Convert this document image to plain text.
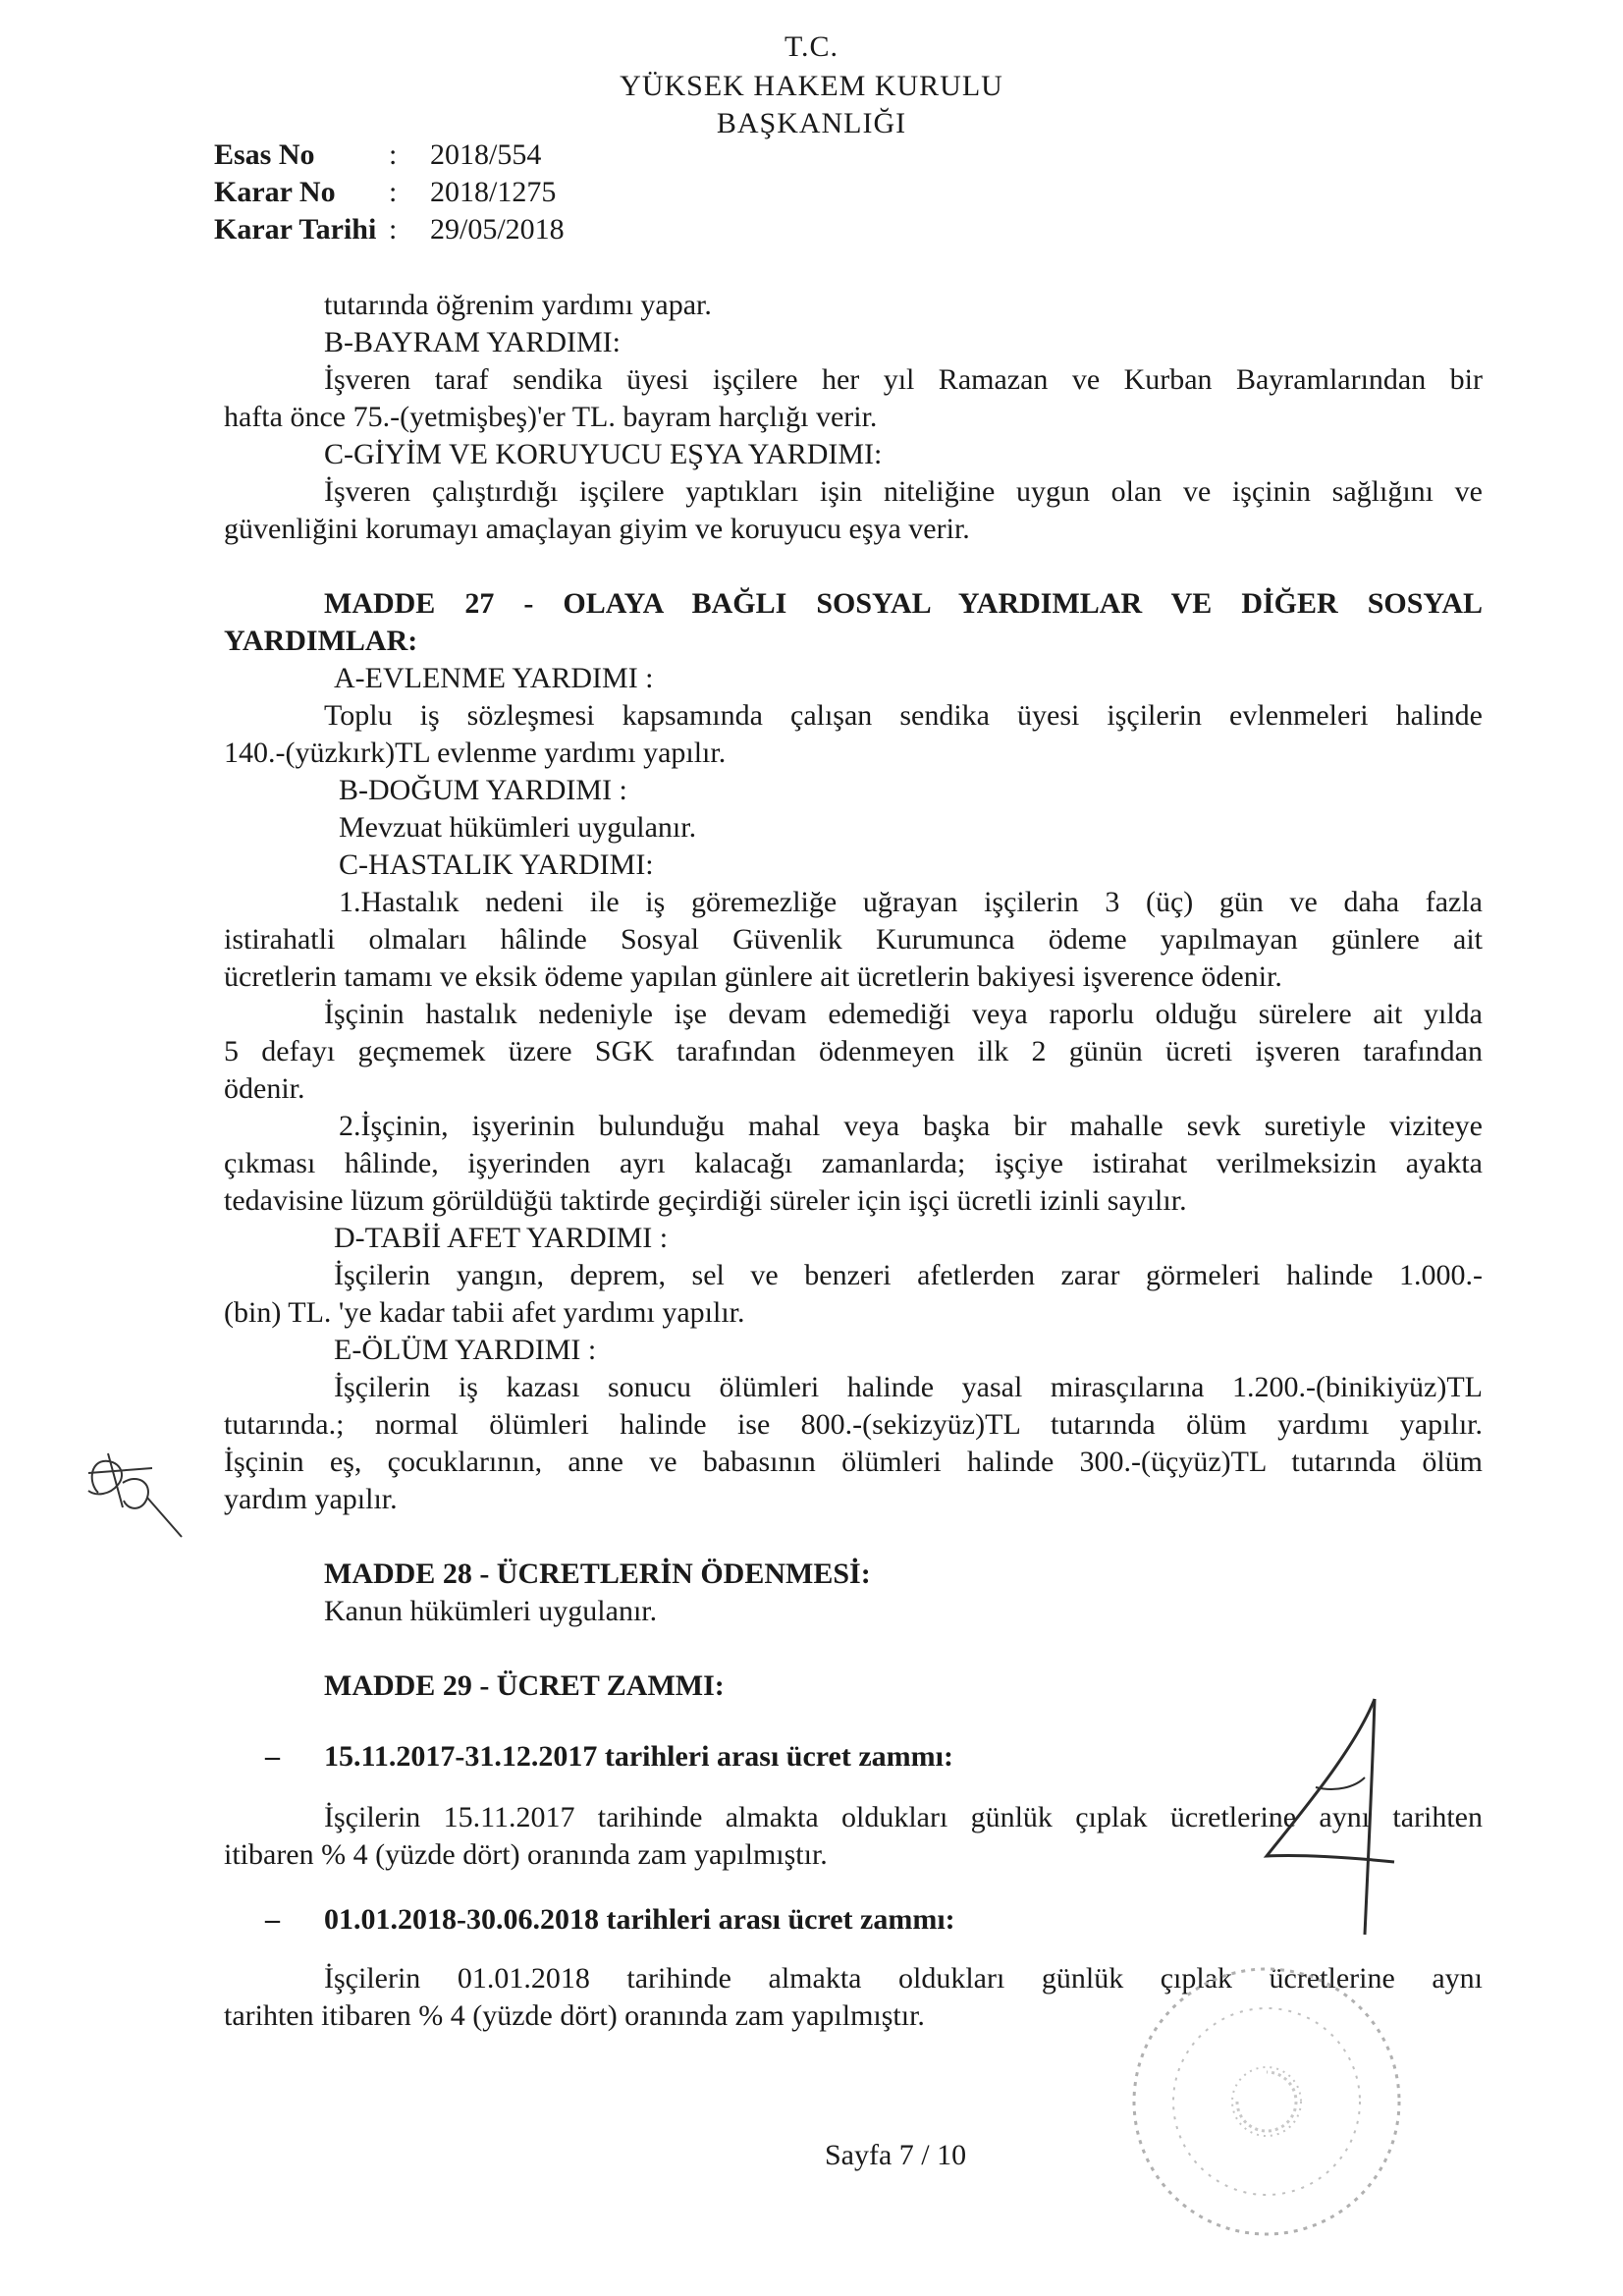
T.C.
YÜKSEK HAKEM KURULU
BAŞKANLIĞI
Esas No	: 2018/554
Karar No : 2018/1275
Karar Tarihi : 29/05/2018
tutarında öğrenim yardımı yapar.
B-BAYRAM YARDIMI:
İşveren taraf sendika üyesi işçilere her yıl Ramazan ve Kurban Bayramlarından bir
hafta önce 75.-(yetmişbeş)'er TL. bayram harçlığı verir.
C-GİYİM VE KORUYUCU EŞYA YARDIMI:
İşveren çalıştırdığı işçilere yaptıkları işin niteliğine uygun olan ve işçinin sağlığını ve
güvenliğini korumayı amaçlayan giyim ve koruyucu eşya verir.
MADDE 27 - OLAYA BAĞLI SOSYAL YARDIMLAR VE DİĞER SOSYAL
YARDIMLAR:
A-EVLENME YARDIMI :
Toplu iş sözleşmesi kapsamında çalışan sendika üyesi işçilerin evlenmeleri halinde
140.-(yüzkırk)TL evlenme yardımı yapılır.
B-DOĞUM YARDIMI :
Mevzuat hükümleri uygulanır.
C-HASTALIK YARDIMI:
1.Hastalık nedeni ile iş göremezliğe uğrayan işçilerin 3 (üç) gün ve daha fazla
istirahatli olmaları hâlinde Sosyal Güvenlik Kurumunca ödeme yapılmayan günlere ait
ücretlerin tamamı ve eksik ödeme yapılan günlere ait ücretlerin bakiyesi işverence ödenir.
İşçinin hastalık nedeniyle işe devam edemediği veya raporlu olduğu sürelere ait yılda
5 defayı geçmemek üzere SGK tarafından ödenmeyen ilk 2 günün ücreti işveren tarafından
ödenir.
2.İşçinin, işyerinin bulunduğu mahal veya başka bir mahalle sevk suretiyle viziteye
çıkması hâlinde, işyerinden ayrı kalacağı zamanlarda; işçiye istirahat verilmeksizin ayakta
tedavisine lüzum görüldüğü taktirde geçirdiği süreler için işçi ücretli izinli sayılır.
D-TABİİ AFET YARDIMI :
İşçilerin yangın, deprem, sel ve benzeri afetlerden zarar görmeleri halinde 1.000.-
(bin) TL. 'ye kadar tabii afet yardımı yapılır.
E-ÖLÜM YARDIMI :
İşçilerin iş kazası sonucu ölümleri halinde yasal mirasçılarına 1.200.-(binikiyüz)TL
tutarında.; normal ölümleri halinde ise 800.-(sekizyüz)TL tutarında ölüm yardımı yapılır.
İşçinin eş, çocuklarının, anne ve babasının ölümleri halinde 300.-(üçyüz)TL tutarında ölüm
yardım yapılır.
MADDE 28 - ÜCRETLERİN ÖDENMESİ:
Kanun hükümleri uygulanır.
MADDE 29 - ÜCRET ZAMMI:
– 15.11.2017-31.12.2017 tarihleri arası ücret zammı:
İşçilerin 15.11.2017 tarihinde almakta oldukları günlük çıplak ücretlerine aynı tarihten
itibaren % 4 (yüzde dört) oranında zam yapılmıştır.
– 01.01.2018-30.06.2018 tarihleri arası ücret zammı:
İşçilerin 01.01.2018 tarihinde almakta oldukları günlük çıplak ücretlerine aynı
tarihten itibaren % 4 (yüzde dört) oranında zam yapılmıştır.
Sayfa 7 / 10
